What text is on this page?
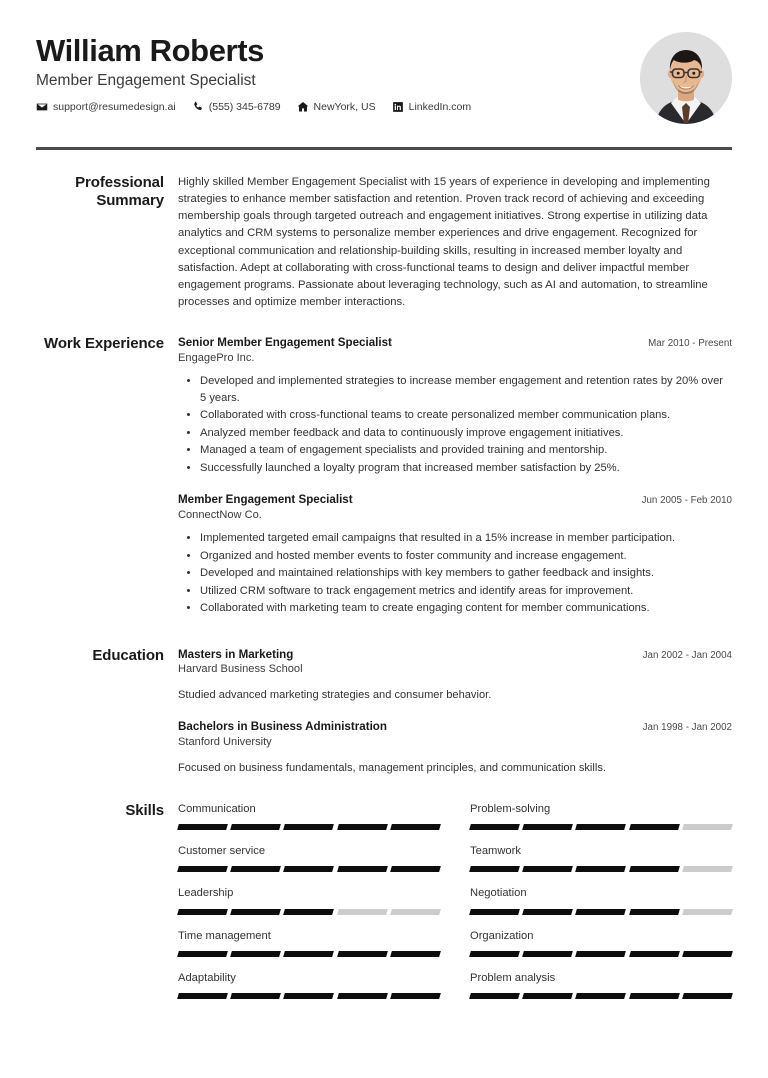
William Roberts
Member Engagement Specialist
support@resumedesign.ai	(555) 345-6789	NewYork, US	LinkedIn.com
Professional Summary

Highly skilled Member Engagement Specialist with 15 years of experience in developing and implementing strategies to enhance member satisfaction and retention. Proven track record of achieving and exceeding membership goals through targeted outreach and engagement initiatives. Strong expertise in utilizing data analytics and CRM systems to personalize member experiences and drive engagement. Recognized for exceptional communication and relationship-building skills, resulting in increased member loyalty and satisfaction. Adept at collaborating with cross-functional teams to design and deliver impactful member engagement programs. Passionate about leveraging technology, such as AI and automation, to streamline processes and optimize member interactions.

Work Experience	Senior Member Engagement Specialist	Mar 2010 - Present
EngagePro Inc.
Developed and implemented strategies to increase member engagement and retention rates by 20% over 5 years.
Collaborated with cross-functional teams to create personalized member communication plans.
Analyzed member feedback and data to continuously improve engagement initiatives.
Managed a team of engagement specialists and provided training and mentorship.
Successfully launched a loyalty program that increased member satisfaction by 25%.
Member Engagement Specialist	Jun 2005 - Feb 2010
ConnectNow Co.
Implemented targeted email campaigns that resulted in a 15% increase in member participation.
Organized and hosted member events to foster community and increase engagement.
Developed and maintained relationships with key members to gather feedback and insights.
Utilized CRM software to track engagement metrics and identify areas for improvement.
Collaborated with marketing team to create engaging content for member communications.
Education	Masters in Marketing	Jan 2002 - Jan 2004
Harvard Business School
Studied advanced marketing strategies and consumer behavior.
Bachelors in Business Administration	Jan 1998 - Jan 2002
Stanford University
Focused on business fundamentals, management principles, and communication skills.
Skills	Communication	Problem-solving
Customer service	Teamwork
Leadership	Negotiation
Time management	Organization
Adaptability	Problem analysis
